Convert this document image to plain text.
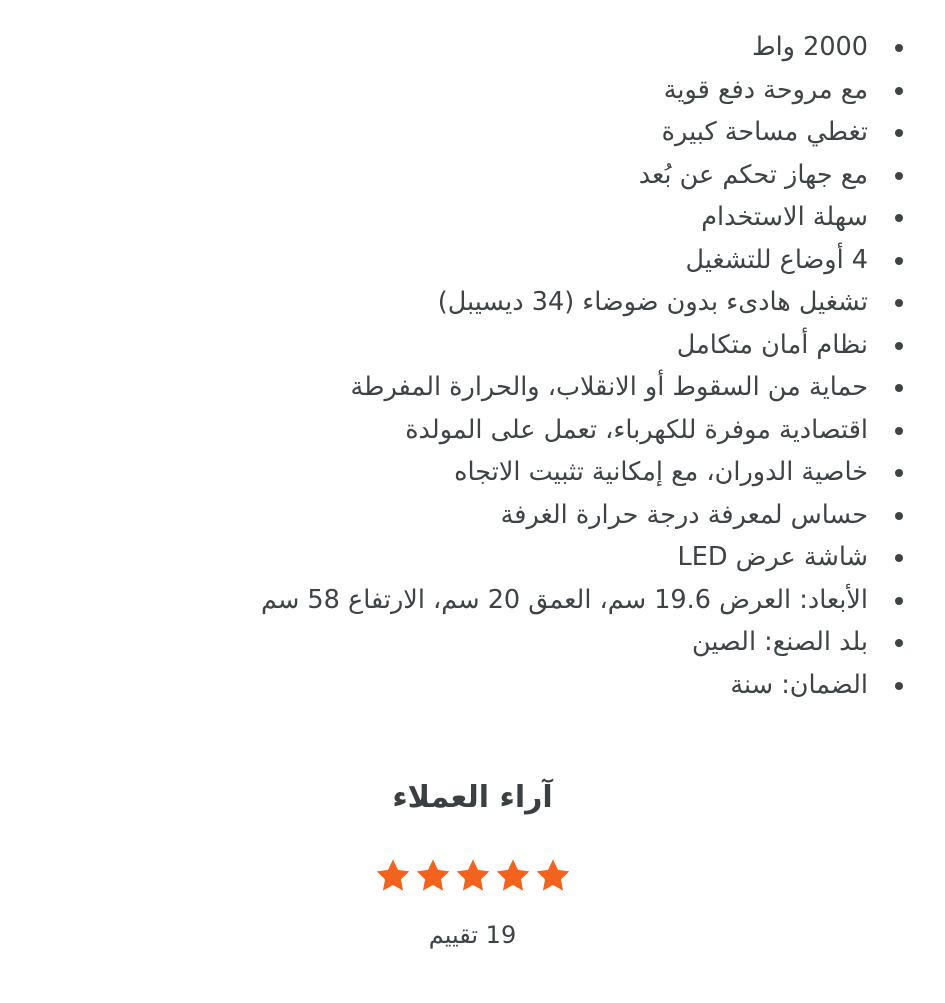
2000 واط
مع مروحة دفع قوية
تغطي مساحة كبيرة
مع جهاز تحكم عن بُعد
سهلة الاستخدام
4 أوضاع للتشغيل
تشغيل هادىء بدون ضوضاء (34 ديسيبل)
نظام أمان متكامل
حماية من السقوط أو الانقلاب، والحرارة المفرطة
اقتصادية موفرة للكهرباء، تعمل على المولدة
خاصية الدوران، مع إمكانية تثبيت الاتجاه
حساس لمعرفة درجة حرارة الغرفة
شاشة عرض LED
الأبعاد: العرض 19.6 سم، العمق 20 سم، الارتفاع 58 سم
بلد الصنع: الصين
الضمان: سنة
آراء العملاء

19 تقييم
